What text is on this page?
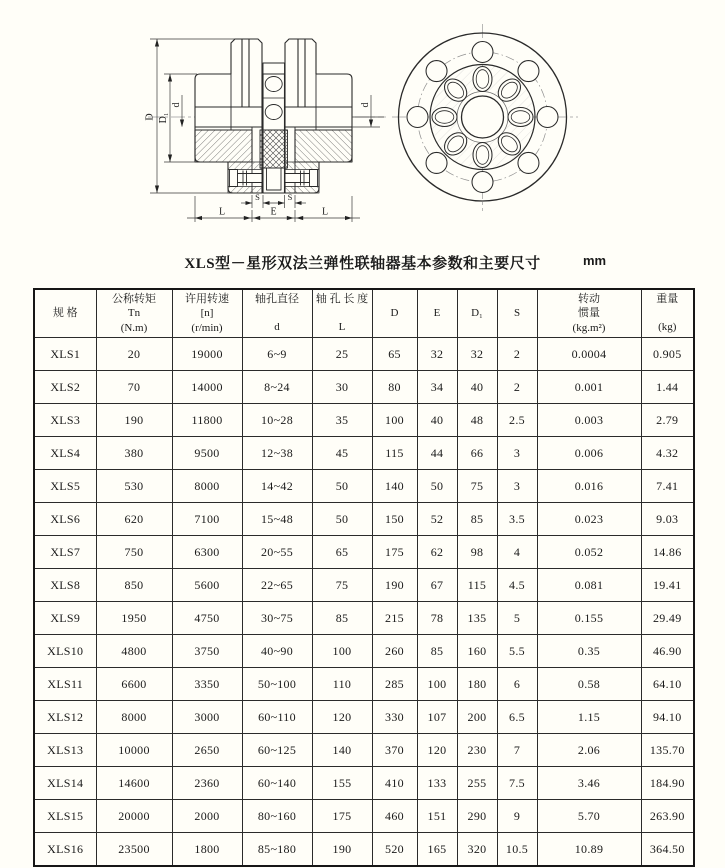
D D₁
d	d
S	S
L	E	L
XLS型－星形双法兰弹性联轴器基本参数和主要尺寸	mm
规 格

公称转矩
Tn
(N.m)

许用转速
[n]
(r/min)

轴孔直径
d

轴 孔 长 度
L

D	E	D₁	S

转动
惯量
(kg.m²)

重量
(kg)

XLS1	20	19000	6~9	25	65	32	32	2	0.0004	0.905
XLS2	70	14000	8~24	30	80	34	40	2	0.001	1.44
XLS3	190	11800	10~28	35	100	40	48	2.5	0.003	2.79
XLS4	380	9500	12~38	45	115	44	66	3	0.006	4.32
XLS5	530	8000	14~42	50	140	50	75	3	0.016	7.41
XLS6	620	7100	15~48	50	150	52	85	3.5	0.023	9.03
XLS7	750	6300	20~55	65	175	62	98	4	0.052	14.86
XLS8	850	5600	22~65	75	190	67	115	4.5	0.081	19.41
XLS9	1950	4750	30~75	85	215	78	135	5	0.155	29.49
XLS10	4800	3750	40~90	100	260	85	160	5.5	0.35	46.90
XLS11	6600	3350	50~100	110	285	100	180	6	0.58	64.10
XLS12	8000	3000	60~110	120	330	107	200	6.5	1.15	94.10
XLS13	10000	2650	60~125	140	370	120	230	7	2.06	135.70
XLS14	14600	2360	60~140	155	410	133	255	7.5	3.46	184.90
XLS15	20000	2000	80~160	175	460	151	290	9	5.70	263.90
XLS16	23500	1800	85~180	190	520	165	320	10.5	10.89	364.50
